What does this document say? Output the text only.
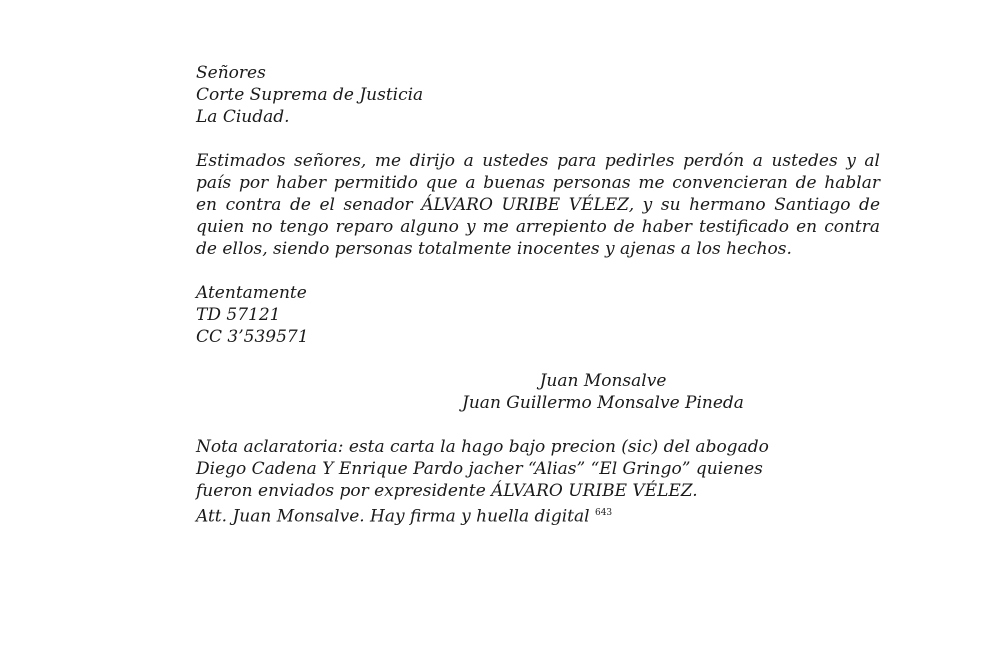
Señores
Corte Suprema de Justicia
La Ciudad.
Estimados señores, me dirijo a ustedes para pedirles perdón a ustedes y al país por haber permitido que a buenas personas me convencieran de hablar en contra de el senador ÁLVARO URIBE VÉLEZ, y su hermano Santiago de quien no tengo reparo alguno y me arrepiento de haber testificado en contra de ellos, siendo personas totalmente inocentes y ajenas a los hechos.
Atentamente
TD 57121
CC 3’539571
Juan Monsalve
Juan Guillermo Monsalve Pineda
Nota aclaratoria: esta carta la hago bajo precion (sic) del abogado
Diego Cadena Y Enrique Pardo jacher “Alias” “El Gringo” quienes
fueron enviados por expresidente ÁLVARO URIBE VÉLEZ.
Att. Juan Monsalve. Hay firma y huella digital $^{643}$
